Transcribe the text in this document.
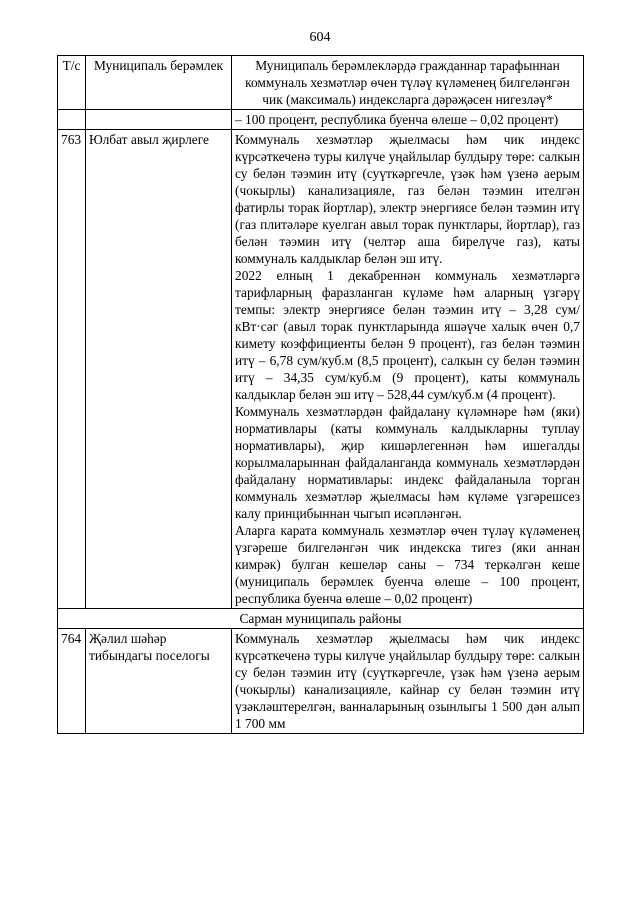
604
Т/с	Муниципаль берәмлек	Муниципаль берәмлекләрдә гражданнар тарафыннан коммуналь хезмәтләр өчен түләү күләменең билгеләнгән чик (максималь) индексларга дәрәҗәсен нигезләү*
		– 100 процент, республика буенча өлеше – 0,02 процент)
763	Юлбат авыл җирлеге	Коммуналь хезмәтләр җыелмасы һәм чик индекс күрсәткеченә туры килүче уңайлылар булдыру төре: салкын су белән тәэмин итү (суүткәргечле, үзәк һәм үзенә аерым (чокырлы) канализацияле, газ белән тәэмин ителгән фатирлы торак йортлар), электр энергиясе белән тәэмин итү (газ плитәләре куелган авыл торак пунктлары, йортлар), газ белән тәэмин итү (челтәр аша бирелүче газ), каты коммуналь калдыклар белән эш итү.
2022 елның 1 декабреннән коммуналь хезмәтләргә тарифларның фаразланган күләме һәм аларның үзгәрү темпы: электр энергиясе белән тәэмин итү – 3,28 сум/кВт·сәг (авыл торак пунктларында яшәүче халык өчен 0,7 кимету коэффициенты белән 9 процент), газ белән тәэмин итү – 6,78 сум/куб.м (8,5 процент), салкын су белән тәэмин итү – 34,35 сум/куб.м (9 процент), каты коммуналь калдыклар белән эш итү – 528,44 сум/куб.м (4 процент).
Коммуналь хезмәтләрдән файдалану күләмнәре һәм (яки) нормативлары (каты коммуналь калдыкларны туплау нормативлары), җир кишәрлегеннән һәм ишегалды корылмаларыннан файдаланганда коммуналь хезмәтләрдән файдалану нормативлары: индекс файдаланыла торган коммуналь хезмәтләр җыелмасы һәм күләме үзгәрешсез калу принцибыннан чыгып исәпләнгән.
Аларга карата коммуналь хезмәтләр өчен түләү күләменең үзгәреше билгеләнгән чик индекска тигез (яки аннан кимрәк) булган кешеләр саны – 734 теркәлгән кеше (муниципаль берәмлек буенча өлеше – 100 процент, республика буенча өлеше – 0,02 процент)

Сарман муниципаль районы		
764	Җәлил шәһәр тибындагы поселогы	Коммуналь хезмәтләр җыелмасы һәм чик индекс күрсәткеченә туры килүче уңайлылар булдыру төре: салкын су белән тәэмин итү (суүткәргечле, үзәк һәм үзенә аерым (чокырлы) канализацияле, кайнар су белән тәэмин итү үзәкләштерелгән, ванналарының озынлыгы 1 500 дән алып 1 700 мм
